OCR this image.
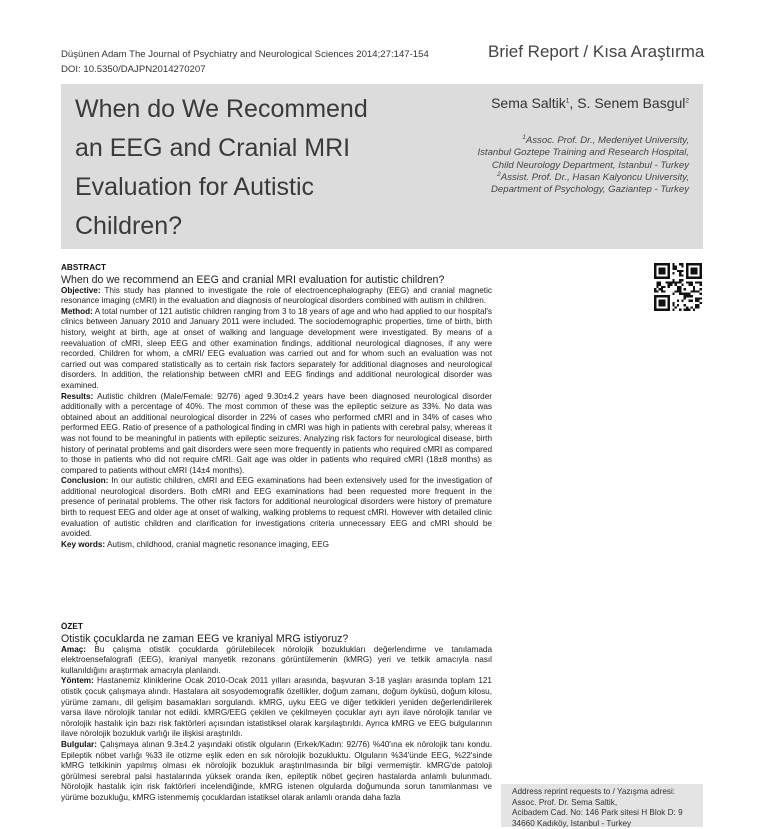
Düşünen Adam The Journal of Psychiatry and Neurological Sciences 2014;27:147-154
DOI: 10.5350/DAJPN2014270207
Brief Report / Kısa Araştırma
When do We Recommend
an EEG and Cranial MRI
Evaluation for Autistic
Children?
Sema Saltik$^1$, S. Senem Basgul$^2$
$^1$Assoc. Prof. Dr., Medeniyet University,
Istanbul Goztepe Training and Research Hospital,
Child Neurology Department, Istanbul - Turkey
$^2$Assist. Prof. Dr., Hasan Kalyoncu University,
Department of Psychology, Gaziantep - Turkey
ABSTRACT
When do we recommend an EEG and cranial MRI evaluation for autistic children?

Objective: This study has planned to investigate the role of electroencephalography (EEG) and cranial magnetic resonance imaging (cMRI) in the evaluation and diagnosis of neurological disorders combined with autism in children.

Method: A total number of 121 autistic children ranging from 3 to 18 years of age and who had applied to our hospital's clinics between January 2010 and January 2011 were included. The sociodemographic properties, time of birth, birth history, weight at birth, age at onset of walking and language development were investigated. By means of a reevaluation of cMRI, sleep EEG and other examination findings, additional neurological diagnoses, if any were recorded. Children for whom, a cMRI/ EEG evaluation was carried out and for whom such an evaluation was not carried out was compared statistically as to certain risk factors separately for additional diagnoses and neurological disorders. In addition, the relationship between cMRI and EEG findings and additional neurological disorder was examined.

Results: Autistic children (Male/Female: 92/76) aged 9.30±4.2 years have been diagnosed neurological disorder additionally with a percentage of 40%. The most common of these was the epileptic seizure as 33%. No data was obtained about an additional neurological disorder in 22% of cases who performed cMRI and in 34% of cases who performed EEG. Ratio of presence of a pathological finding in cMRI was high in patients with cerebral palsy, whereas it was not found to be meaningful in patients with epileptic seizures. Analyzing risk factors for neurological disease, birth history of perinatal problems and gait disorders were seen more frequently in patients who required cMRI as compared to those in patients who did not require cMRI. Gait age was older in patients who required cMRI (18±8 months) as compared to patients without cMRI (14±4 months).

Conclusion: In our autistic children, cMRI and EEG examinations had been extensively used for the investigation of additional neurological disorders. Both cMRI and EEG examinations had been requested more frequent in the presence of perinatal problems. The other risk factors for additional neurological disorders were history of premature birth to request EEG and older age at onset of walking, walking problems to request cMRI. However with detailed clinic evaluation of autistic children and clarification for investigations criteria unnecessary EEG and cMRI should be avoided.

Key words: Autism, childhood, cranial magnetic resonance imaging, EEG

ÖZET
Otistik çocuklarda ne zaman EEG ve kraniyal MRG istiyoruz?

Amaç: Bu çalışma otistik çocuklarda görülebilecek nörolojik bozuklukları değerlendirme ve tanılamada elektroensefalografi (EEG), kraniyal manyetik rezonans görüntülemenin (kMRG) yeri ve tetkik amacıyla nasıl kullanıldığını araştırmak amacıyla planlandı.

Yöntem: Hastanemiz kliniklerine Ocak 2010-Ocak 2011 yılları arasında, başvuran 3-18 yaşları arasında toplam 121 otistik çocuk çalışmaya alındı. Hastalara ait sosyodemografik özellikler, doğum zamanı, doğum öyküsü, doğum kilosu, yürüme zamanı, dil gelişim basamakları sorgulandı. kMRG, uyku EEG ve diğer tetkikleri yeniden değerlendirilerek varsa ilave nörolojik tanılar not edildi. kMRG/EEG çekilen ve çekilmeyen çocuklar ayrı ayrı ilave nörolojik tanılar ve nörolojik hastalık için bazı risk faktörleri açısından istatistiksel olarak karşılaştırıldı. Ayrıca kMRG ve EEG bulgularının ilave nörolojik bozukluk varlığı ile ilişkisi araştırıldı.

Bulgular: Çalışmaya alınan 9.3±4.2 yaşındaki otistik olguların (Erkek/Kadın: 92/76) %40'ına ek nörolojik tanı kondu. Epileptik nöbet varlığı %33 ile otizme eşlik eden en sık nörolojik bozukluktu. Olguların %34'ünde EEG, %22'sinde kMRG tetkikinin yapılmış olması ek nörolojik bozukluk araştırılmasında bir bilgi vermemiştir. kMRG'de patoloji görülmesi serebral palsi hastalarında yüksek oranda iken, epileptik nöbet geçiren hastalarda anlamlı bulunmadı. Nörolojik hastalık için risk faktörleri incelendiğinde, kMRG istenen olgularda doğumunda sorun tanımlanması ve yürüme bozukluğu, kMRG istenmemiş çocuklardan istatiksel olarak anlamlı oranda daha fazla

Address reprint requests to / Yazışma adresi:
Assoc. Prof. Dr. Sema Saltik,
Acibadem Cad. No: 146 Park sitesi H Blok D: 9
34660 Kadıköy, Istanbul - Turkey
